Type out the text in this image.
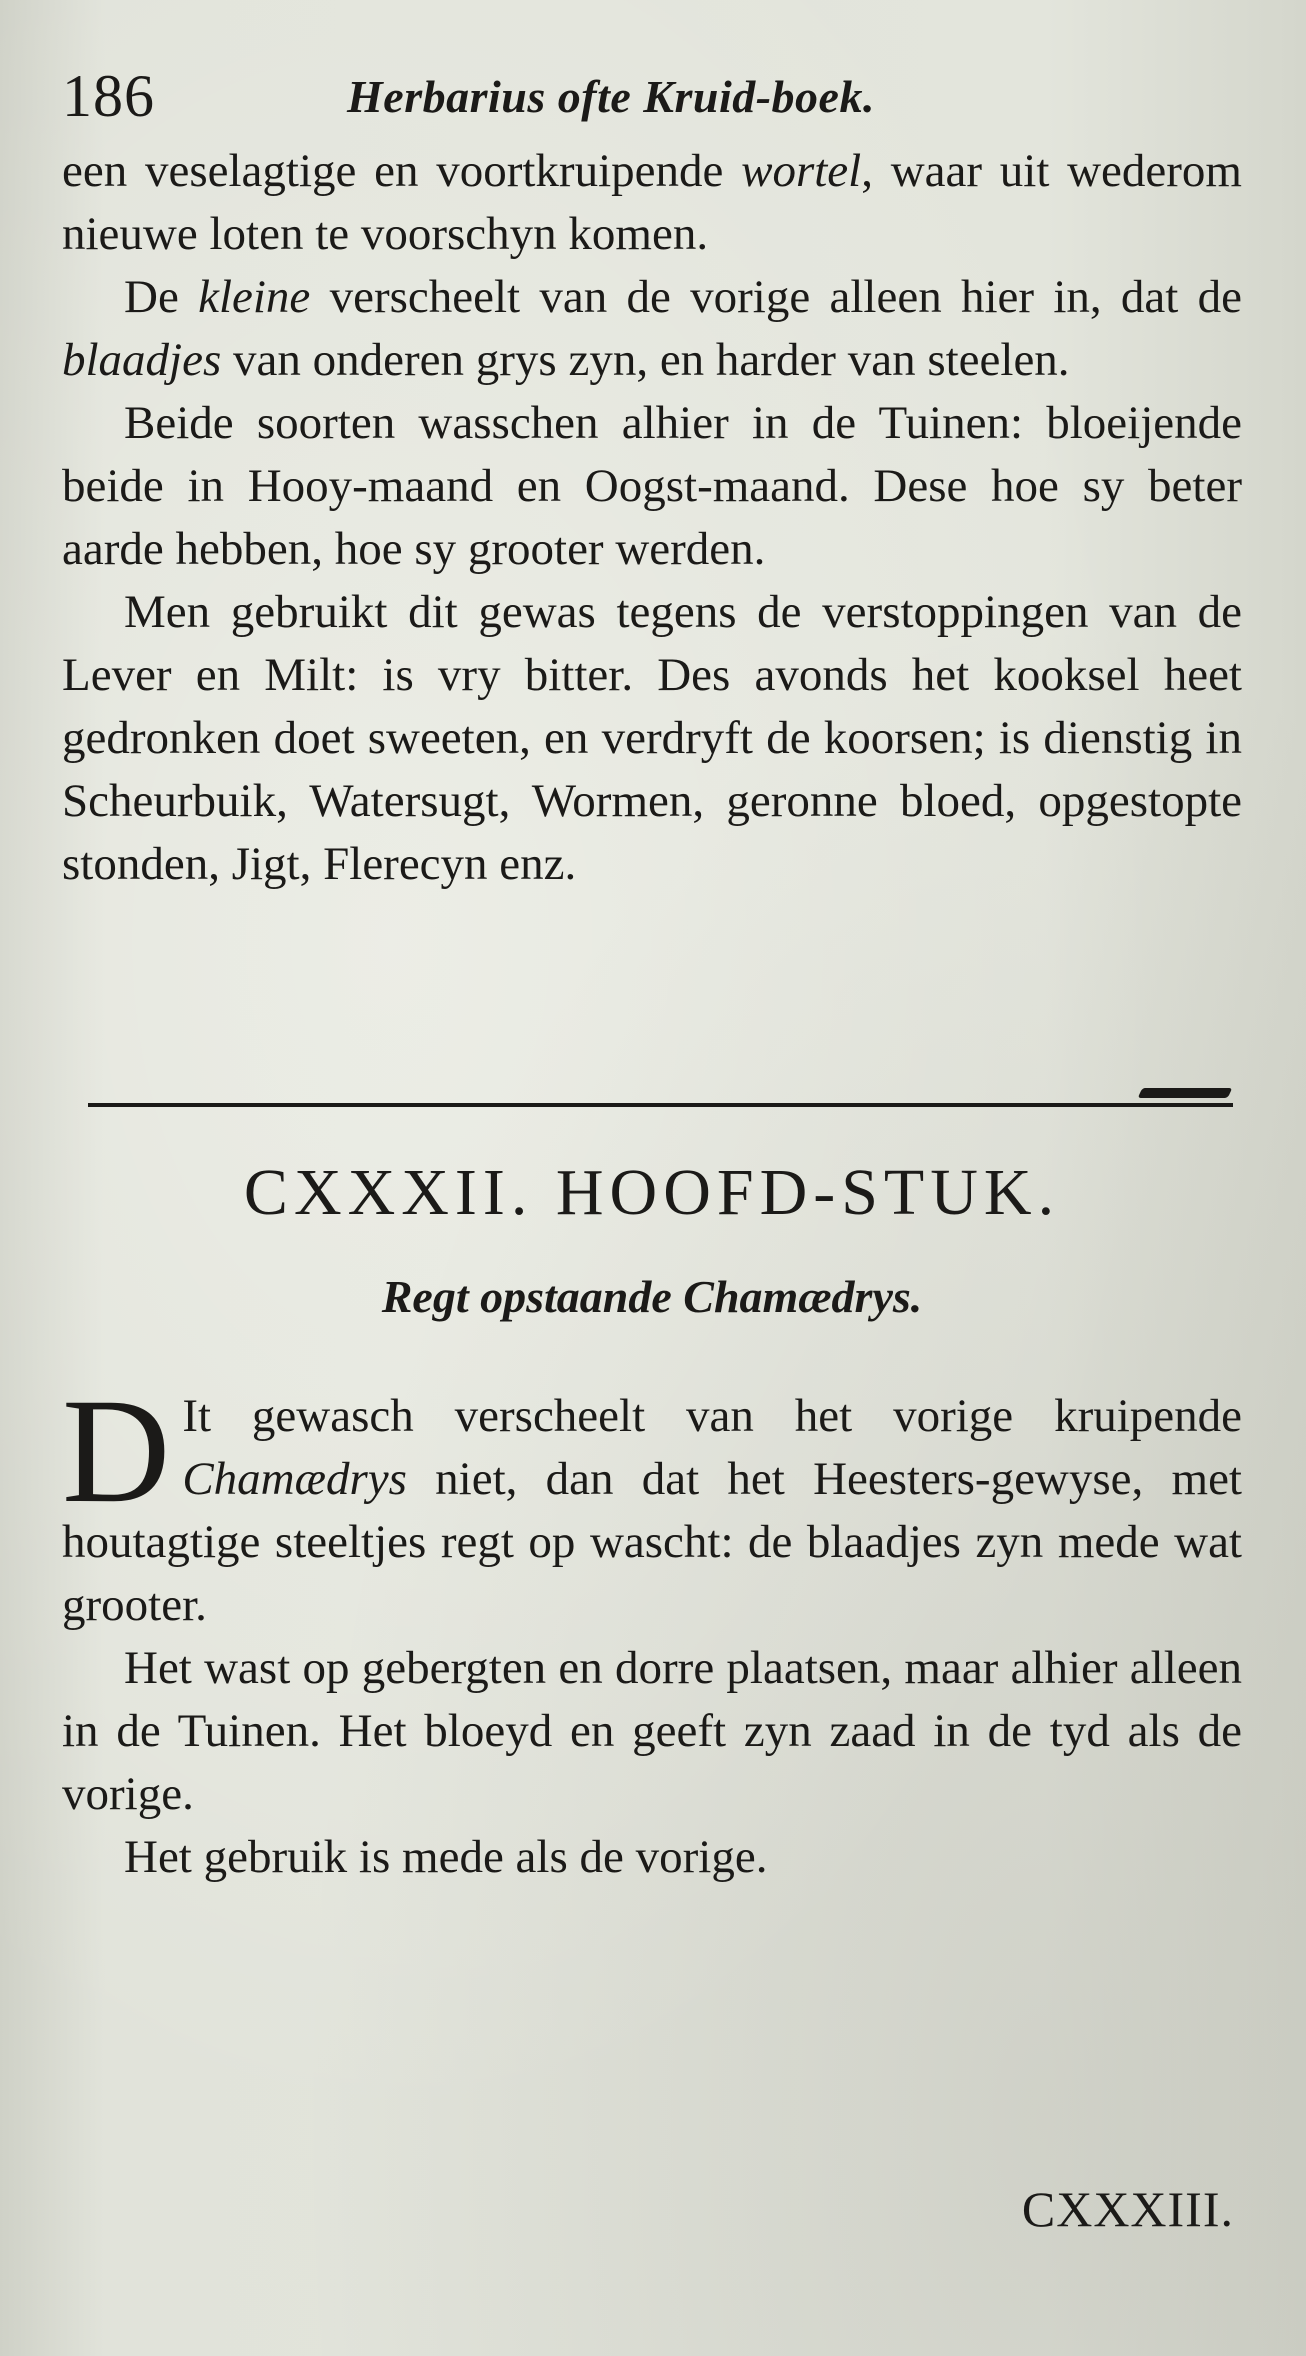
186	Herbarius ofte Kruid-boek.

een veselagtige en voortkruipende wortel, waar uit wederom nieuwe loten te voorschyn komen.

De kleine verscheelt van de vorige alleen hier in, dat de blaadjes van onderen grys zyn, en harder van steelen.

Beide soorten wasschen alhier in de Tuinen: bloeijende beide in Hooy-maand en Oogst-maand. Dese hoe sy beter aarde hebben, hoe sy grooter werden.

Men gebruikt dit gewas tegens de verstoppingen van de Lever en Milt: is vry bitter. Des avonds het kooksel heet gedronken doet sweeten, en verdryft de koorsen; is dienstig in Scheurbuik, Watersugt, Wormen, geronne bloed, opgestopte stonden, Jigt, Flerecyn enz.

CXXXII. HOOFD-STUK.
Regt opstaande Chamædrys.

D It gewasch verscheelt van het vorige kruipende Chamædrys niet, dan dat het Heesters-gewyse, met houtagtige steeltjes regt op wascht: de blaadjes zyn mede wat grooter.

Het wast op gebergten en dorre plaatsen, maar alhier alleen in de Tuinen. Het bloeyd en geeft zyn zaad in de tyd als de vorige.

Het gebruik is mede als de vorige.

CXXXIII.
